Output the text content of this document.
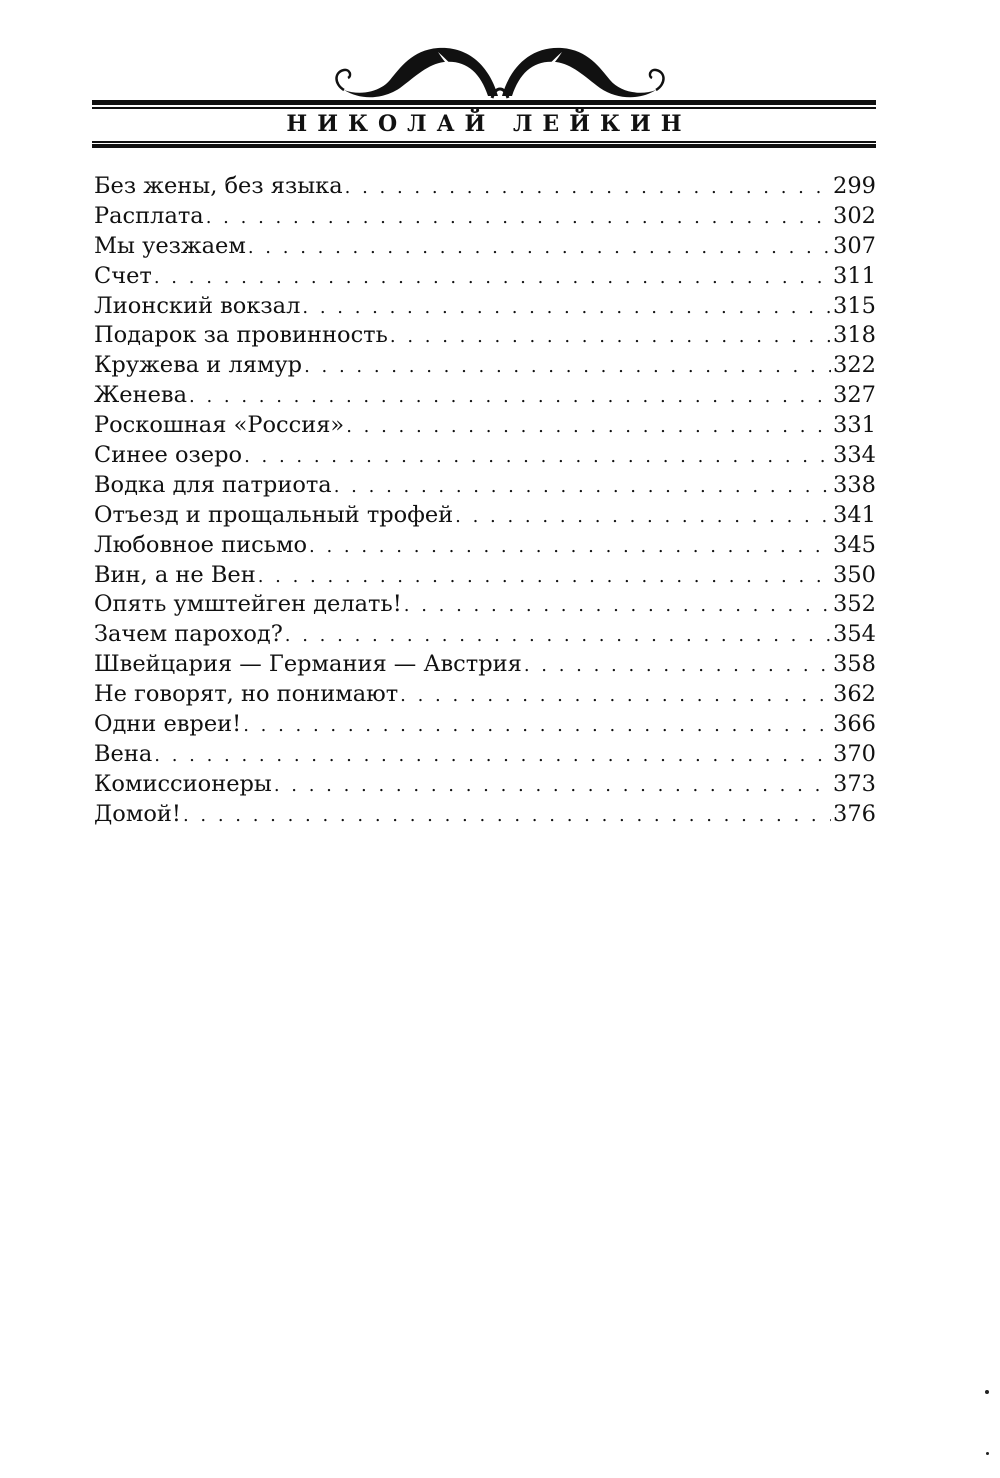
НИКОЛАЙ ЛЕЙКИН
Без жены, без языка . . .	299
Расплата . . .	302
Мы уезжаем . . .	307
Счет . . .	311
Лионский вокзал . . .	315
Подарок за провинность . . .	318
Кружева и лямур . . .	322
Женева . . .	327
Роскошная «Россия» . . .	331
Синее озеро . . .	334
Водка для патриота . . .	338
Отъезд и прощальный трофей . . .	341
Любовное письмо . . .	345
Вин, а не Вен . . .	350
Опять умштейген делать! . . .	352
Зачем пароход? . . .	354
Швейцария — Германия — Австрия . . .	358
Не говорят, но понимают . . .	362
Одни евреи! . . .	366
Вена . . .	370
Комиссионеры . . .	373
Домой! . . .	376
